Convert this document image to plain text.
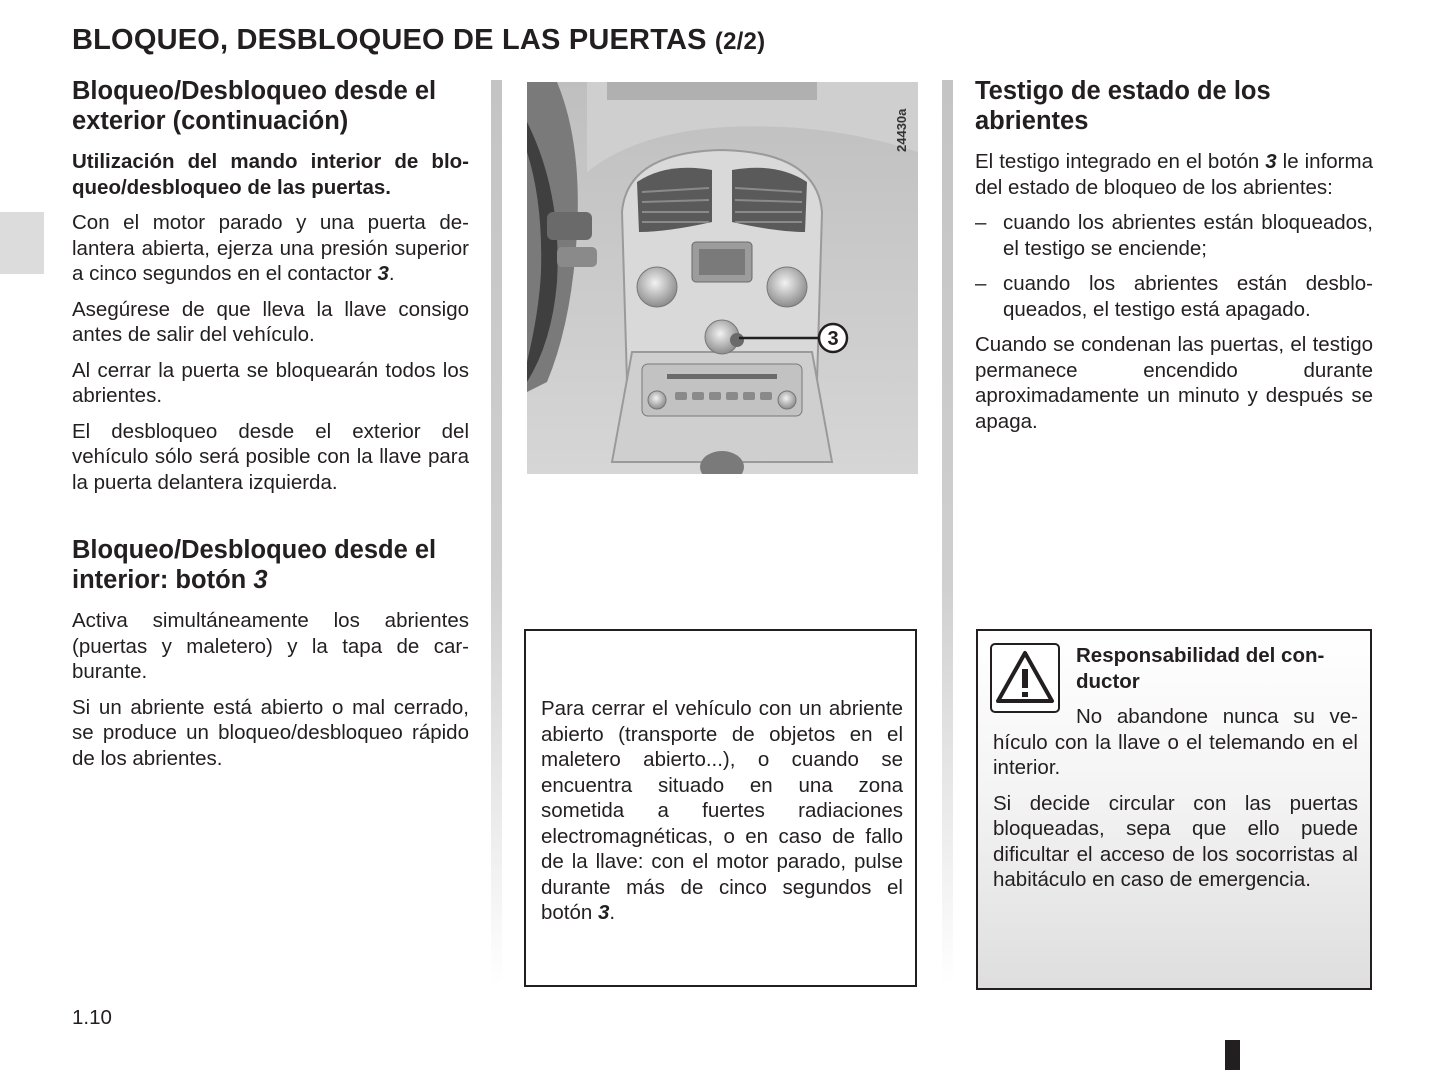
BLOQUEO, DESBLOQUEO DE LAS PUERTAS (2/2)
Bloqueo/Desbloqueo desde el exterior (continuación)

Utilización del mando interior de bloqueo/desbloqueo de las puertas.

Con el motor parado y una puerta delantera abierta, ejerza una presión superior a cinco segundos en el contactor 3.

Asegúrese de que lleva la llave consigo antes de salir del vehículo.

Al cerrar la puerta se bloquearán todos los abrientes.

El desbloqueo desde el exterior del vehículo sólo será posible con la llave para la puerta delantera izquierda.

Bloqueo/Desbloqueo desde el interior: botón 3

Activa simultáneamente los abrientes (puertas y maletero) y la tapa de carburante.

Si un abriente está abierto o mal cerrado, se produce un bloqueo/desbloqueo rápido de los abrientes.

3
24430a
Para cerrar el vehículo con un abriente abierto (transporte de objetos en el maletero abierto...), o cuando se encuentra situado en una zona sometida a fuertes radiaciones electromagnéticas, o en caso de fallo de la llave: con el motor parado, pulse durante más de cinco segundos el botón 3.
Testigo de estado de los abrientes

El testigo integrado en el botón 3 le informa del estado de bloqueo de los abrientes:

– cuando los abrientes están bloqueados, el testigo se enciende;
– cuando los abrientes están desbloqueados, el testigo está apagado.

Cuando se condenan las puertas, el testigo permanece encendido durante aproximadamente un minuto y después se apaga.

Responsabilidad del conductor

No abandone nunca su vehículo con la llave o el telemando en el interior.

Si decide circular con las puertas bloqueadas, sepa que ello puede dificultar el acceso de los socorristas al habitáculo en caso de emergencia.

1.10
